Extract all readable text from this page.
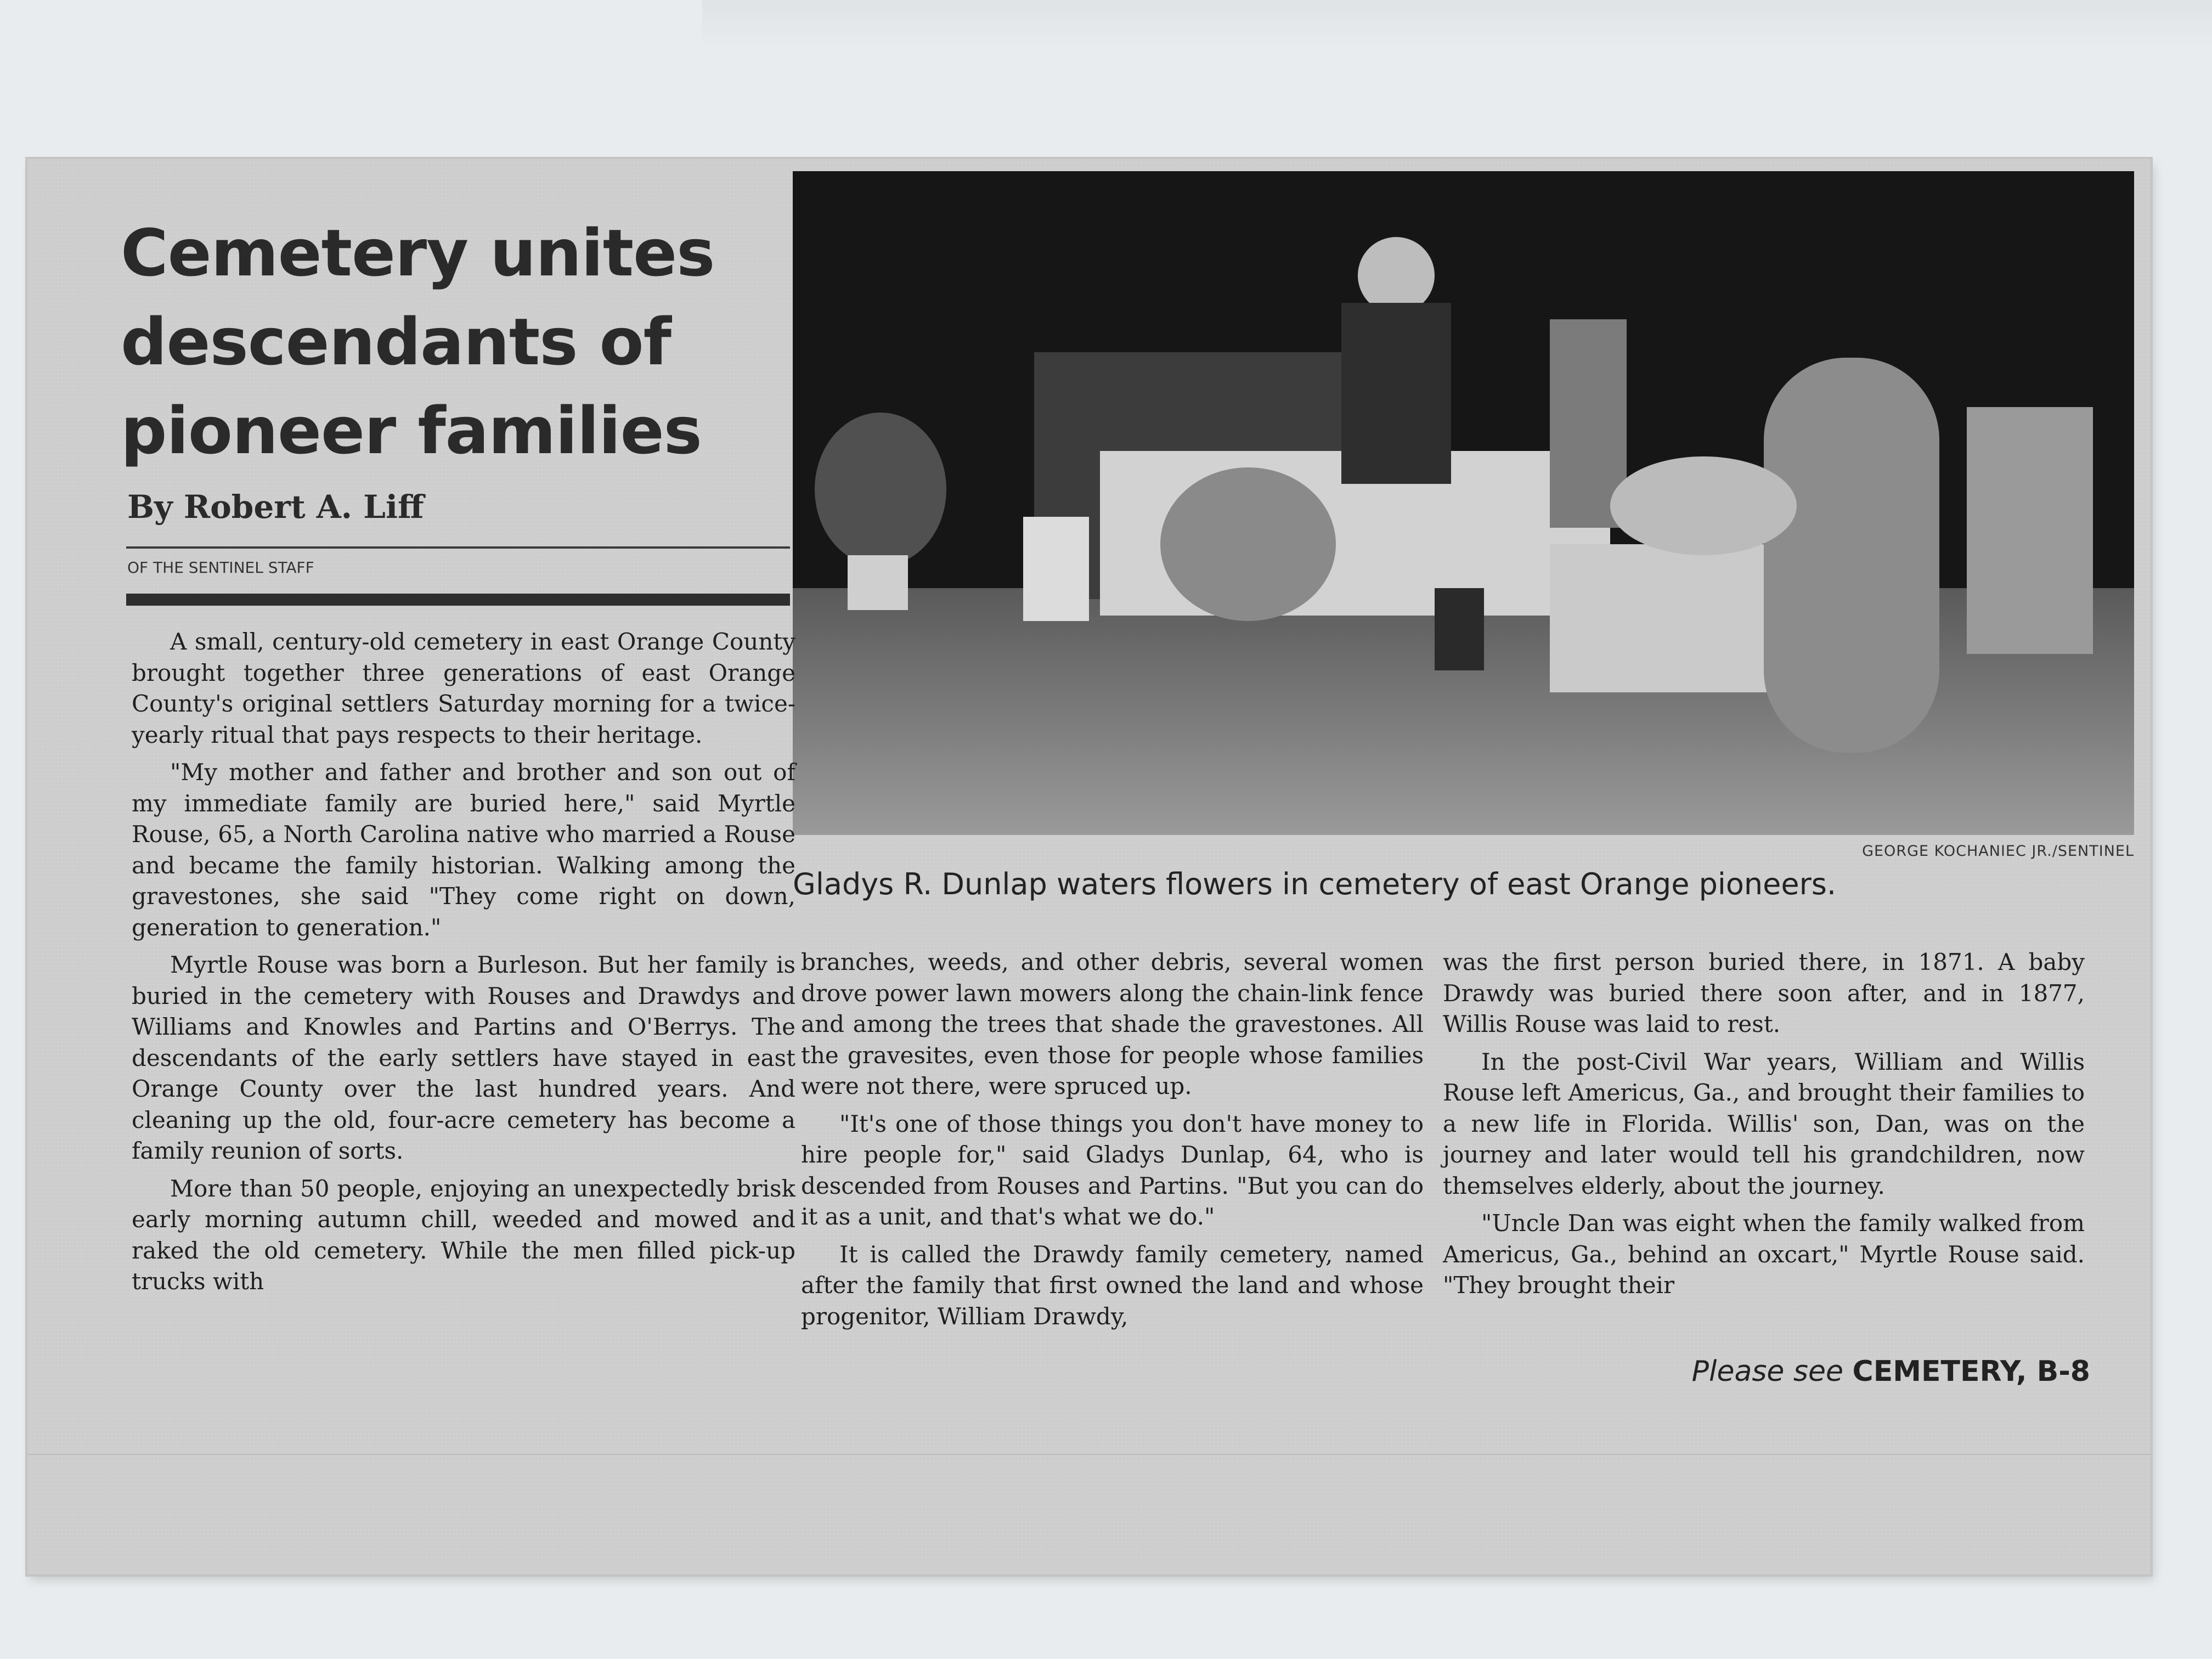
Cemetery unites descendants of pioneer families
By Robert A. Liff
OF THE SENTINEL STAFF
GEORGE KOCHANIEC JR./SENTINEL
Gladys R. Dunlap waters flowers in cemetery of east Orange pioneers.

A small, century-old cemetery in east Orange County brought together three generations of east Orange County's original settlers Saturday morning for a twice-yearly ritual that pays respects to their heritage.

"My mother and father and brother and son out of my immediate family are buried here," said Myrtle Rouse, 65, a North Carolina native who married a Rouse and became the family historian. Walking among the gravestones, she said "They come right on down, generation to generation."

Myrtle Rouse was born a Burleson. But her family is buried in the cemetery with Rouses and Drawdys and Williams and Knowles and Partins and O'Berrys. The descendants of the early settlers have stayed in east Orange County over the last hundred years. And cleaning up the old, four-acre cemetery has become a family reunion of sorts.

More than 50 people, enjoying an unexpectedly brisk early morning autumn chill, weeded and mowed and raked the old cemetery. While the men filled pick-up trucks with

branches, weeds, and other debris, several women drove power lawn mowers along the chain-link fence and among the trees that shade the gravestones. All the gravesites, even those for people whose families were not there, were spruced up.

"It's one of those things you don't have money to hire people for," said Gladys Dunlap, 64, who is descended from Rouses and Partins. "But you can do it as a unit, and that's what we do."

It is called the Drawdy family cemetery, named after the family that first owned the land and whose progenitor, William Drawdy,

was the first person buried there, in 1871. A baby Drawdy was buried there soon after, and in 1877, Willis Rouse was laid to rest.

In the post-Civil War years, William and Willis Rouse left Americus, Ga., and brought their families to a new life in Florida. Willis' son, Dan, was on the journey and later would tell his grandchildren, now themselves elderly, about the journey.

"Uncle Dan was eight when the family walked from Americus, Ga., behind an oxcart," Myrtle Rouse said. "They brought their

Please see CEMETERY, B-8
